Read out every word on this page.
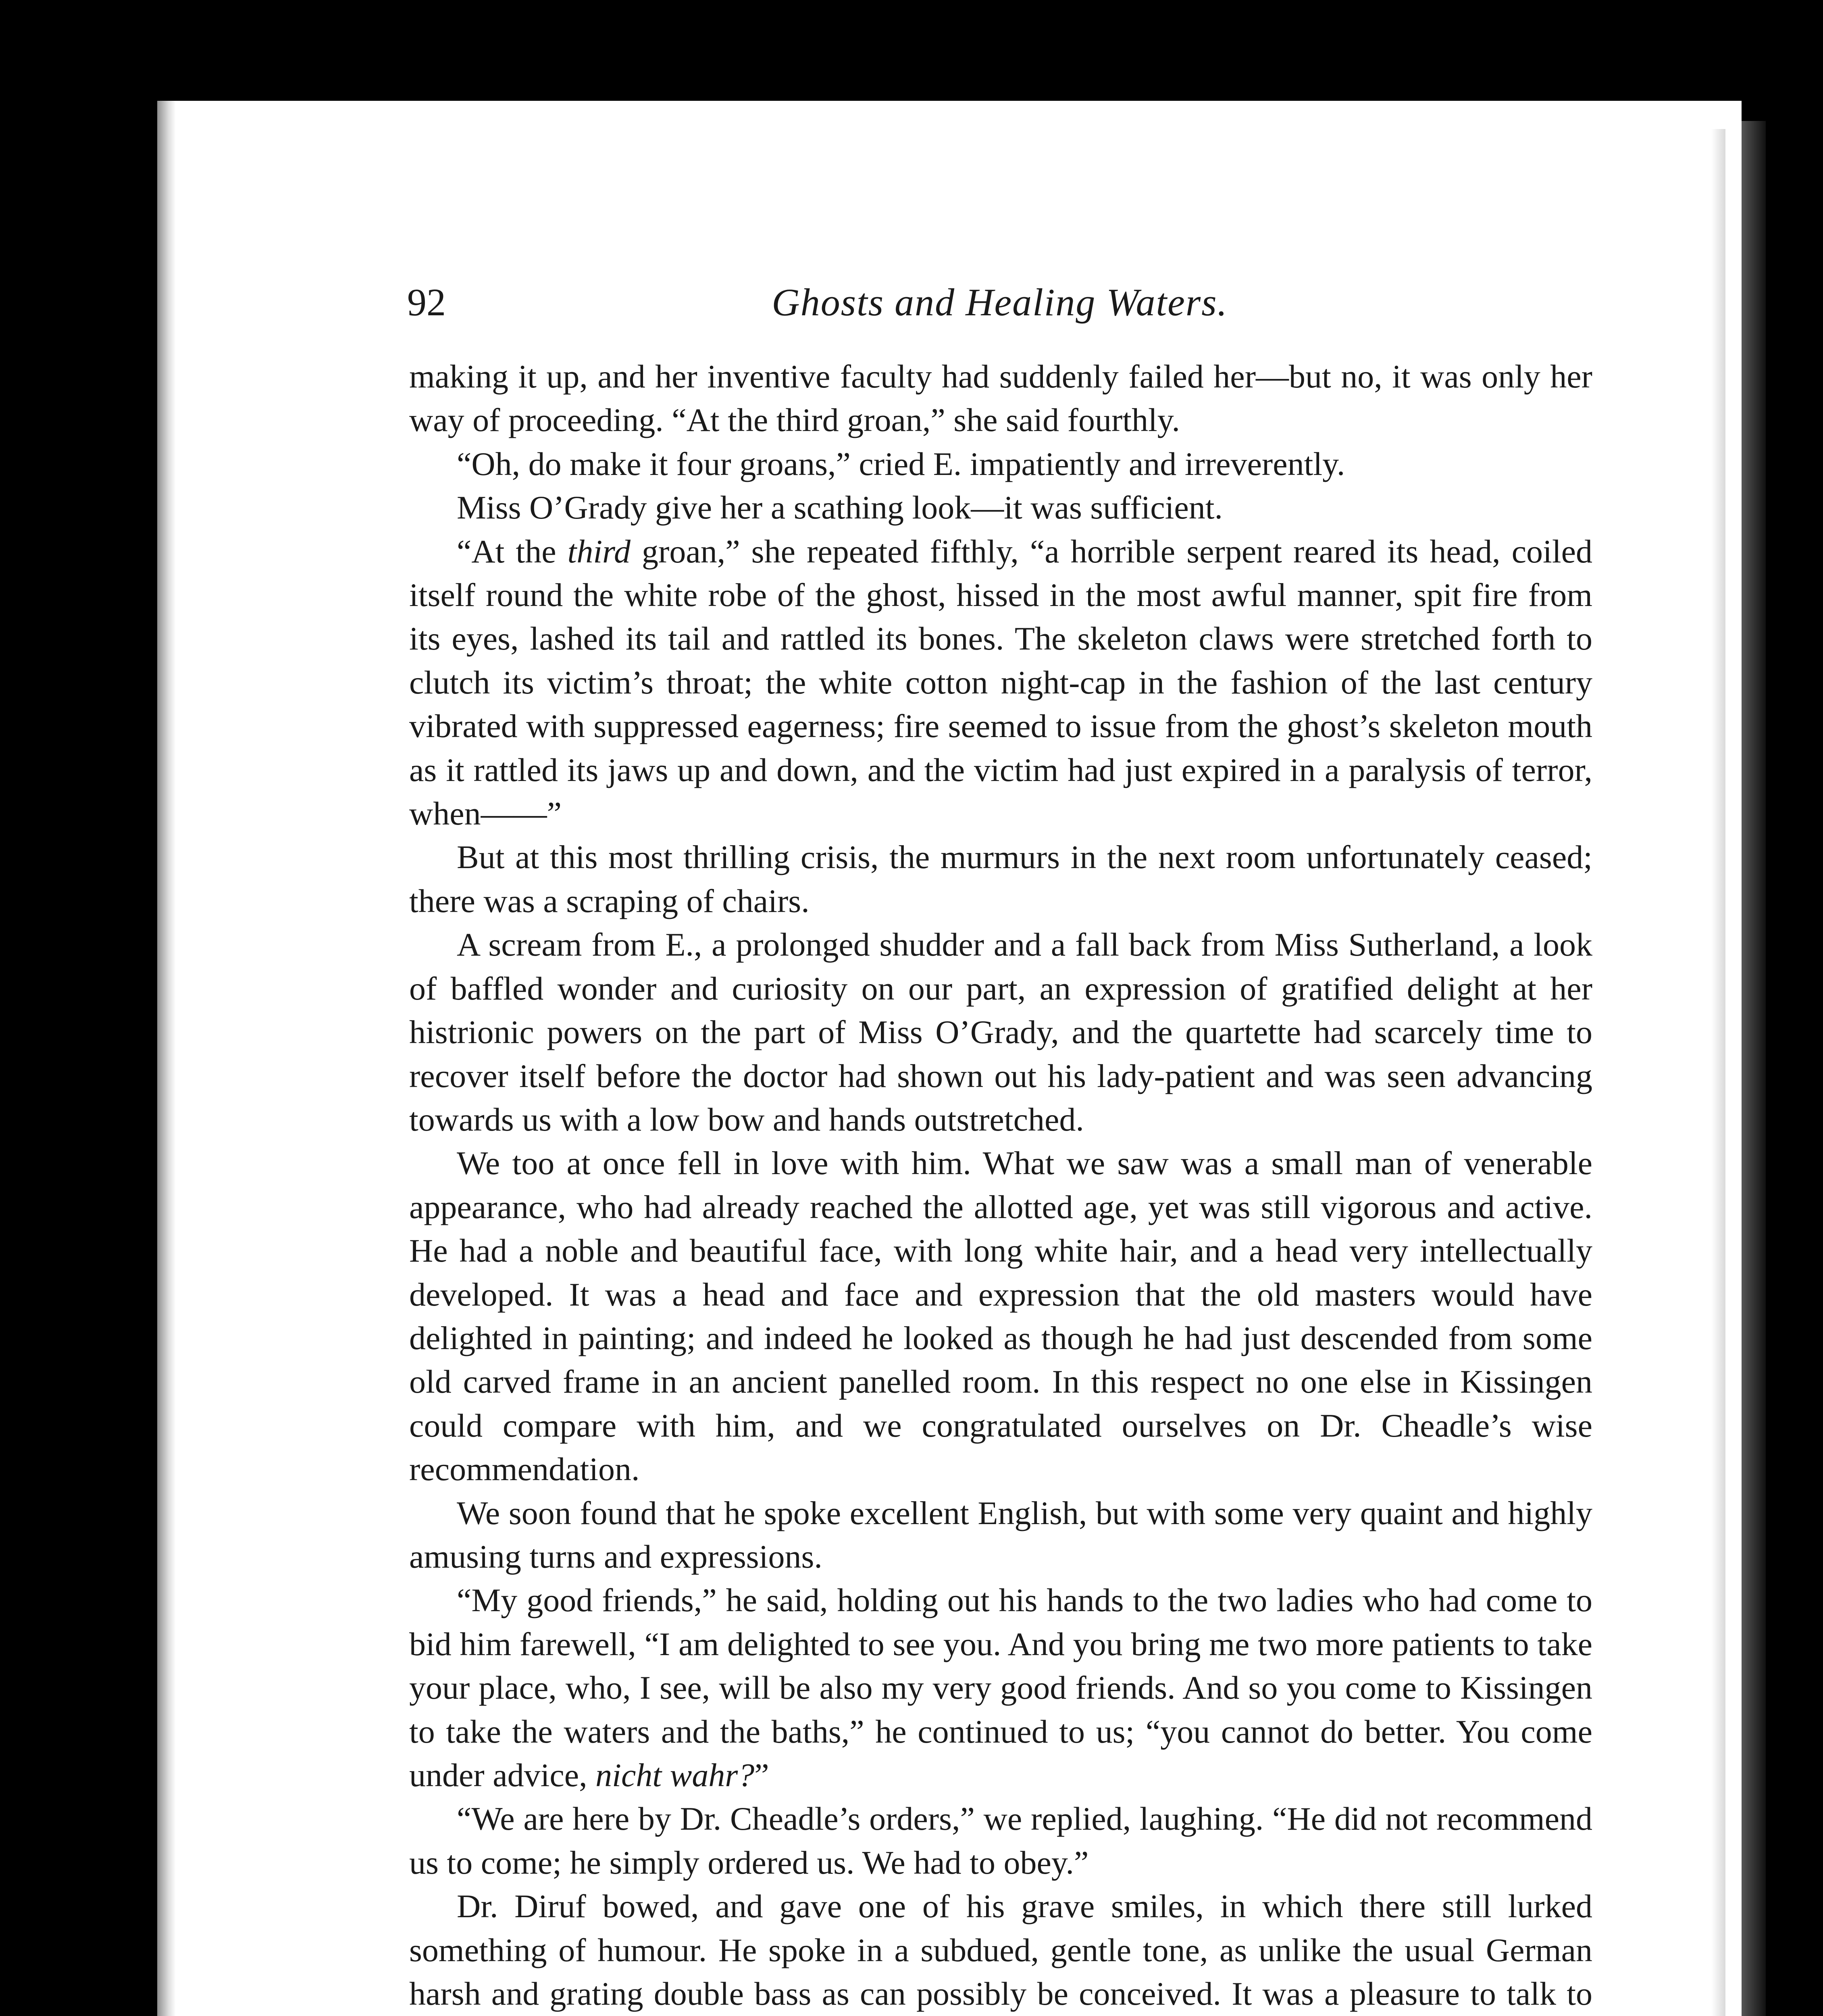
92	Ghosts and Healing Waters.

making it up, and her inventive faculty had suddenly failed her—but no, it was only her way of proceeding. “At the third groan,” she said fourthly.

“Oh, do make it four groans,” cried E. impatiently and irreverently.

Miss O’Grady give her a scathing look—it was sufficient.

“At the third groan,” she repeated fifthly, “a horrible serpent reared its head, coiled itself round the white robe of the ghost, hissed in the most awful manner, spit fire from its eyes, lashed its tail and rattled its bones. The skeleton claws were stretched forth to clutch its victim’s throat; the white cotton night-cap in the fashion of the last century vibrated with suppressed eagerness; fire seemed to issue from the ghost’s skeleton mouth as it rattled its jaws up and down, and the victim had just expired in a paralysis of terror, when——”

But at this most thrilling crisis, the murmurs in the next room unfortunately ceased; there was a scraping of chairs.

A scream from E., a prolonged shudder and a fall back from Miss Sutherland, a look of baffled wonder and curiosity on our part, an expression of gratified delight at her histrionic powers on the part of Miss O’Grady, and the quartette had scarcely time to recover itself before the doctor had shown out his lady-patient and was seen advancing towards us with a low bow and hands outstretched.

We too at once fell in love with him. What we saw was a small man of venerable appearance, who had already reached the allotted age, yet was still vigorous and active. He had a noble and beautiful face, with long white hair, and a head very intellectually developed. It was a head and face and expression that the old masters would have delighted in painting; and indeed he looked as though he had just descended from some old carved frame in an ancient panelled room. In this respect no one else in Kissingen could compare with him, and we congratulated ourselves on Dr. Cheadle’s wise recommendation.

We soon found that he spoke excellent English, but with some very quaint and highly amusing turns and expressions.

“My good friends,” he said, holding out his hands to the two ladies who had come to bid him farewell, “I am delighted to see you. And you bring me two more patients to take your place, who, I see, will be also my very good friends. And so you come to Kissingen to take the waters and the baths,” he continued to us; “you cannot do better. You come under advice, nicht wahr?”

“We are here by Dr. Cheadle’s orders,” we replied, laughing. “He did not recommend us to come; he simply ordered us. We had to obey.”

Dr. Diruf bowed, and gave one of his grave smiles, in which there still lurked something of humour. He spoke in a subdued, gentle tone, as unlike the usual German harsh and grating double bass as can possibly be conceived. It was a pleasure to talk to
